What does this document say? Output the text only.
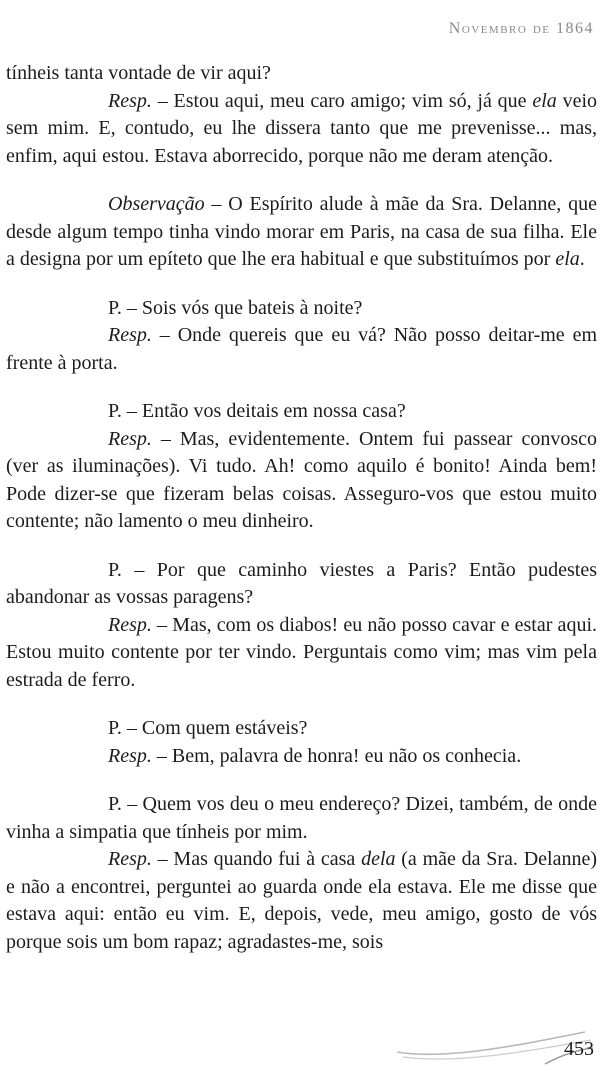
Novembro de 1864

tínheis tanta vontade de vir aqui?

Resp. – Estou aqui, meu caro amigo; vim só, já que ela veio sem mim. E, contudo, eu lhe dissera tanto que me prevenisse... mas, enfim, aqui estou. Estava aborrecido, porque não me deram atenção.

Observação – O Espírito alude à mãe da Sra. Delanne, que desde algum tempo tinha vindo morar em Paris, na casa de sua filha. Ele a designa por um epíteto que lhe era habitual e que substituímos por ela.

P. – Sois vós que bateis à noite?

Resp. – Onde quereis que eu vá? Não posso deitar-me em frente à porta.

P. – Então vos deitais em nossa casa?

Resp. – Mas, evidentemente. Ontem fui passear convosco (ver as iluminações). Vi tudo. Ah! como aquilo é bonito! Ainda bem! Pode dizer-se que fizeram belas coisas. Asseguro-vos que estou muito contente; não lamento o meu dinheiro.

P. – Por que caminho viestes a Paris? Então pudestes abandonar as vossas paragens?

Resp. – Mas, com os diabos! eu não posso cavar e estar aqui. Estou muito contente por ter vindo. Perguntais como vim; mas vim pela estrada de ferro.

P. – Com quem estáveis?

Resp. – Bem, palavra de honra! eu não os conhecia.

P. – Quem vos deu o meu endereço? Dizei, também, de onde vinha a simpatia que tínheis por mim.

Resp. – Mas quando fui à casa dela (a mãe da Sra. Delanne) e não a encontrei, perguntei ao guarda onde ela estava. Ele me disse que estava aqui: então eu vim. E, depois, vede, meu amigo, gosto de vós porque sois um bom rapaz; agradastes-me, sois

453
